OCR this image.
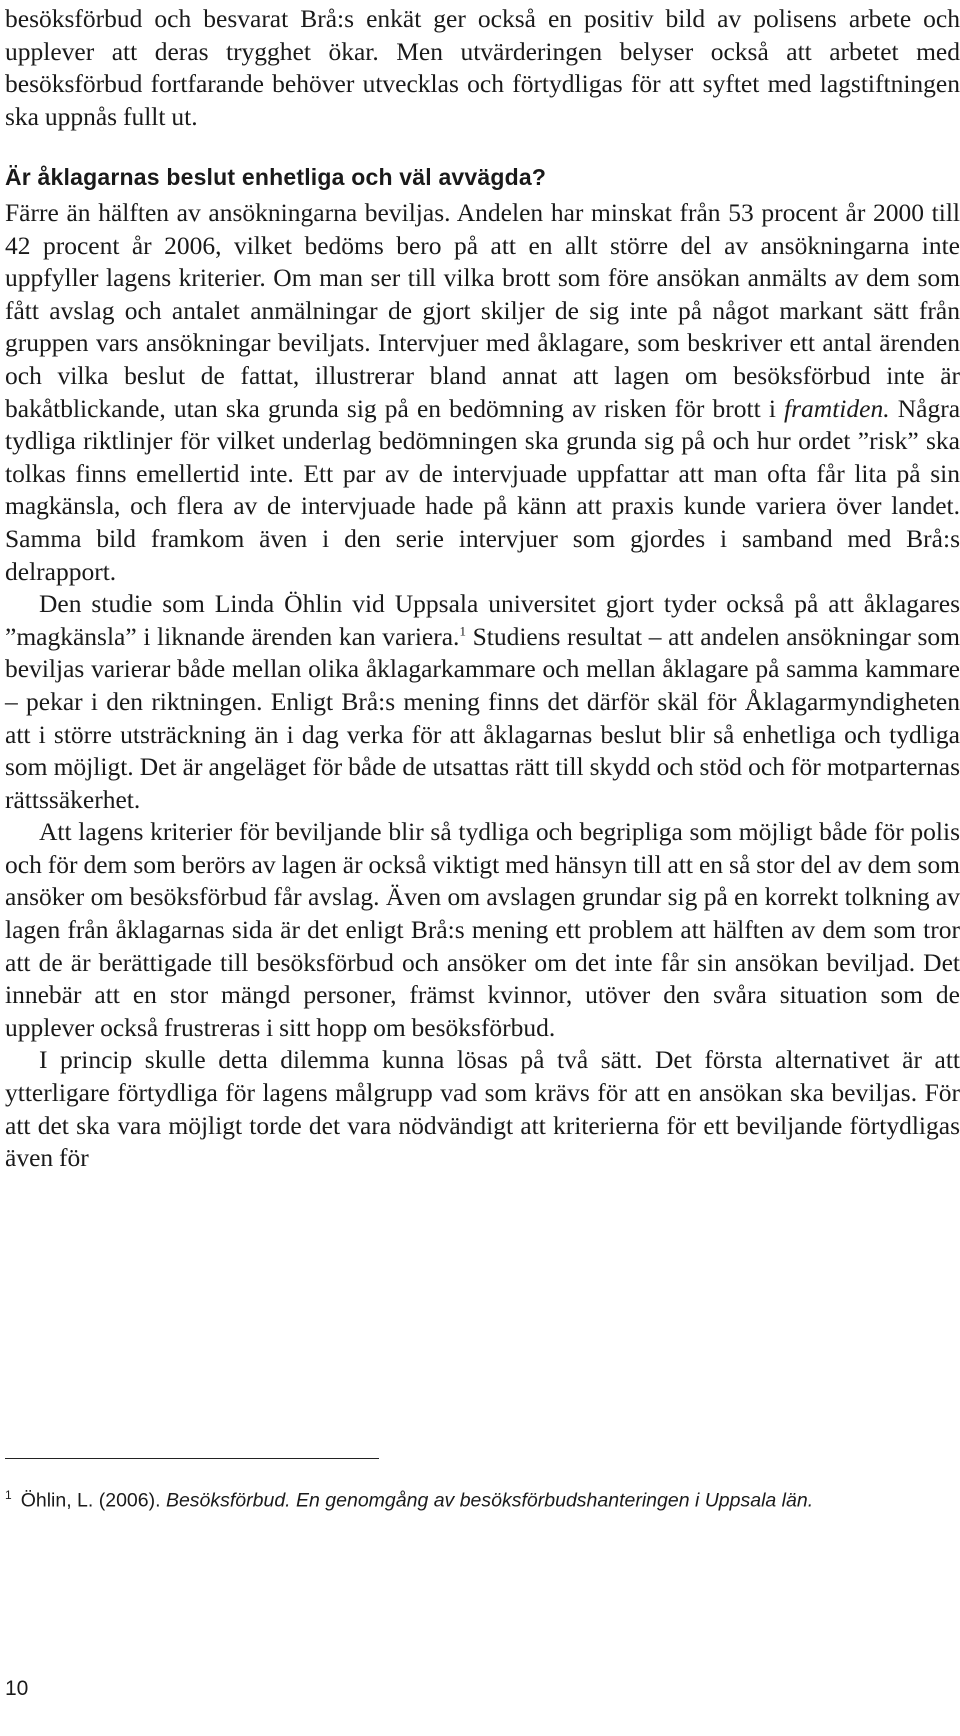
besöksförbud och besvarat Brå:s enkät ger också en positiv bild av polisens arbete och upplever att deras trygghet ökar. Men utvärderingen belyser också att arbetet med besöksförbud fortfarande behöver utvecklas och förtydligas för att syftet med lagstiftningen ska uppnås fullt ut.

Är åklagarnas beslut enhetliga och väl avvägda?

Färre än hälften av ansökningarna beviljas. Andelen har minskat från 53 procent år 2000 till 42 procent år 2006, vilket bedöms bero på att en allt större del av ansökningarna inte uppfyller lagens kriterier. Om man ser till vilka brott som före ansökan anmälts av dem som fått avslag och antalet anmälningar de gjort skiljer de sig inte på något markant sätt från gruppen vars ansökningar beviljats. Intervjuer med åklagare, som beskriver ett antal ärenden och vilka beslut de fattat, illustrerar bland annat att lagen om besöksförbud inte är bakåtblickande, utan ska grunda sig på en bedömning av risken för brott i framtiden. Några tydliga riktlinjer för vilket underlag bedömningen ska grunda sig på och hur ordet ”risk” ska tolkas finns emellertid inte. Ett par av de intervjuade uppfattar att man ofta får lita på sin magkänsla, och flera av de intervjuade hade på känn att praxis kunde variera över landet. Samma bild framkom även i den serie intervjuer som gjordes i samband med Brå:s delrapport.

Den studie som Linda Öhlin vid Uppsala universitet gjort tyder också på att åklagares ”magkänsla” i liknande ärenden kan variera.$^1$ Studiens resultat – att andelen ansökningar som beviljas varierar både mellan olika åklagarkammare och mellan åklagare på samma kammare – pekar i den riktningen. Enligt Brå:s mening finns det därför skäl för Åklagarmyndigheten att i större utsträckning än i dag verka för att åklagarnas beslut blir så enhetliga och tydliga som möjligt. Det är angeläget för både de utsattas rätt till skydd och stöd och för motparternas rättssäkerhet.

Att lagens kriterier för beviljande blir så tydliga och begripliga som möjligt både för polis och för dem som berörs av lagen är också viktigt med hänsyn till att en så stor del av dem som ansöker om besöksförbud får avslag. Även om avslagen grundar sig på en korrekt tolkning av lagen från åklagarnas sida är det enligt Brå:s mening ett problem att hälften av dem som tror att de är berättigade till besöksförbud och ansöker om det inte får sin ansökan beviljad. Det innebär att en stor mängd personer, främst kvinnor, utöver den svåra situation som de upplever också frustreras i sitt hopp om besöksförbud.

I princip skulle detta dilemma kunna lösas på två sätt. Det första alternativet är att ytterligare förtydliga för lagens målgrupp vad som krävs för att en ansökan ska beviljas. För att det ska vara möjligt torde det vara nödvändigt att kriterierna för ett beviljande förtydligas även för

$^1$ Öhlin, L. (2006). Besöksförbud. En genomgång av besöksförbudshanteringen i Uppsala län.
10
